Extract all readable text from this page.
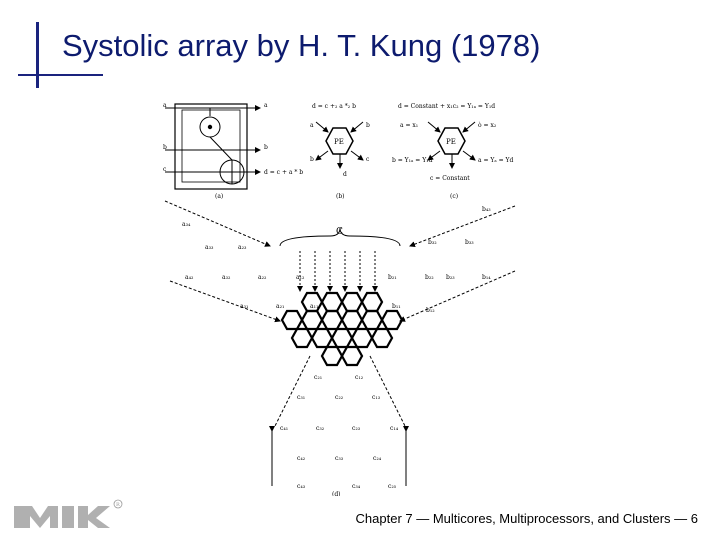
Systolic array by H. T. Kung (1978)
a
b
c
a
b
d = c + a * b
(a)
d = c +₂ a *₂ b
PE
a	b
b	c
d
(b)
d = Constant + x₁c₂ = Y₁ₐ = Y₁d
PE
a = x₁	ò = x₂
b = Y₁ₐ = Y₁d	a = Yₐ = Yd
c = Constant
(c)
C
a₃₄
a₃₃	a₂₃
a₄₂	a₃₂	a₂₂	a₁₂
a₃₁	a₂₁	a₁₁
b₄₃
b₃₂	b₃₃
b₂₁	b₂₂ b₂₃	b₁₄
b₁₁
b₁₂
c₂₁	c₁₂
c₃₁	c₂₂	c₁₃
c₄₁	c₃₂	c₂₃	c₁₄
c₄₂	c₃₃	c₂₄
c₄₃	c₃₄	c₂₅
(d)
R
Chapter 7 — Multicores, Multiprocessors, and Clusters — 6
